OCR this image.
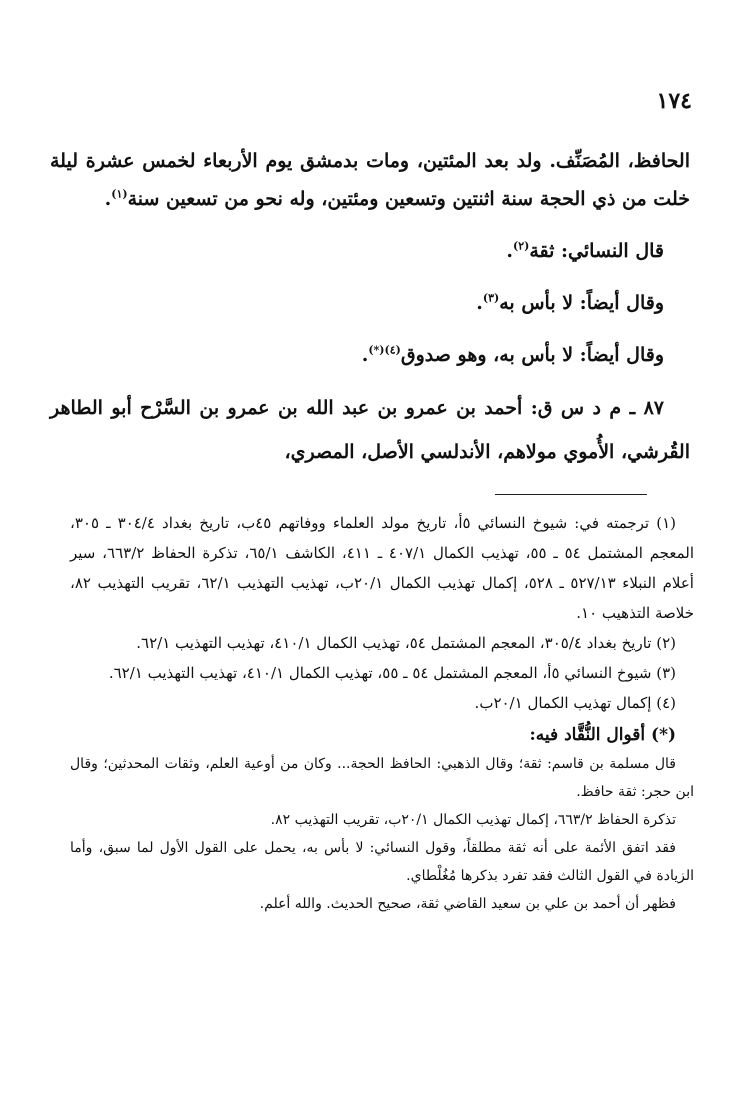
١٧٤

الحافظ، المُصَنِّف. ولد بعد المئتين، ومات بدمشق يوم الأربعاء لخمس عشرة ليلة خلت من ذي الحجة سنة اثنتين وتسعين ومئتين، وله نحو من تسعين سنة$^{(١)}$.

قال النسائي: ثقة$^{(٢)}$.

وقال أيضاً: لا بأس به$^{(٣)}$.

وقال أيضاً: لا بأس به، وهو صدوق$^{(٤)(*)}$.

٨٧ ـ م د س ق: أحمد بن عمرو بن عبد الله بن عمرو بن السَّرْح أبو الطاهر القُرشي، الأُموي مولاهم، الأندلسي الأصل، المصري،

(١) ترجمته في: شيوخ النسائي ٥أ، تاريخ مولد العلماء ووفاتهم ٤٥ب، تاريخ بغداد ٣٠٤/٤ ـ ٣٠٥، المعجم المشتمل ٥٤ ـ ٥٥، تهذيب الكمال ٤٠٧/١ ـ ٤١١، الكاشف ٦٥/١، تذكرة الحفاظ ٦٦٣/٢، سير أعلام النبلاء ٥٢٧/١٣ ـ ٥٢٨، إكمال تهذيب الكمال ٢٠/١ب، تهذيب التهذيب ٦٢/١، تقريب التهذيب ٨٢، خلاصة التذهيب ١٠.

(٢) تاريخ بغداد ٣٠٥/٤، المعجم المشتمل ٥٤، تهذيب الكمال ٤١٠/١، تهذيب التهذيب ٦٢/١.

(٣) شيوخ النسائي ٥أ، المعجم المشتمل ٥٤ ـ ٥٥، تهذيب الكمال ٤١٠/١، تهذيب التهذيب ٦٢/١.

(٤) إكمال تهذيب الكمال ٢٠/١ب.

(*) أقوال النُّقَّاد فيه:

قال مسلمة بن قاسم: ثقة؛ وقال الذهبي: الحافظ الحجة... وكان من أوعية العلم، وثقات المحدثين؛ وقال ابن حجر: ثقة حافظ.

تذكرة الحفاظ ٦٦٣/٢، إكمال تهذيب الكمال ٢٠/١ب، تقريب التهذيب ٨٢.

فقد اتفق الأئمة على أنه ثقة مطلقاً، وقول النسائي: لا بأس به، يحمل على القول الأول لما سبق، وأما الزيادة في القول الثالث فقد تفرد بذكرها مُغُلْطاي.

فظهر أن أحمد بن علي بن سعيد القاضي ثقة، صحيح الحديث. والله أعلم.
